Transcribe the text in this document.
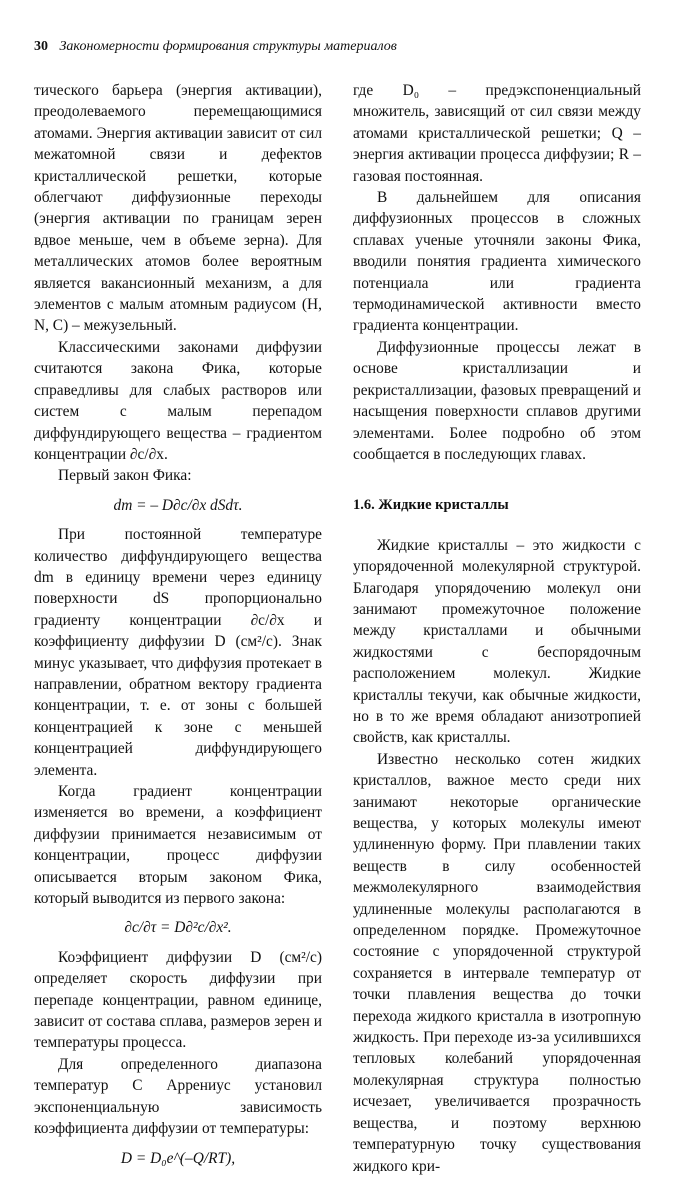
30 Закономерности формирования структуры материалов

тического барьера (энергия активации), преодолеваемого перемещающимися атомами. Энергия активации зависит от сил межатомной связи и дефектов кристаллической решетки, которые облегчают диффузионные переходы (энергия активации по границам зерен вдвое меньше, чем в объеме зерна). Для металлических атомов более вероятным является вакансионный механизм, а для элементов с малым атомным радиусом (H, N, C) – межузельный.

Классическими законами диффузии считаются закона Фика, которые справедливы для слабых растворов или систем с малым перепадом диффундирующего вещества – градиентом концентрации ∂c/∂x.

Первый закон Фика:

dm = – D∂c/∂x dSdτ.

При постоянной температуре количество диффундирующего вещества dm в единицу времени через единицу поверхности dS пропорционально градиенту концентрации ∂c/∂x и коэффициенту диффузии D (см²/с). Знак минус указывает, что диффузия протекает в направлении, обратном вектору градиента концентрации, т. е. от зоны с большей концентрацией к зоне с меньшей концентрацией диффундирующего элемента.

Когда градиент концентрации изменяется во времени, а коэффициент диффузии принимается независимым от концентрации, процесс диффузии описывается вторым законом Фика, который выводится из первого закона:

∂c/∂τ = D∂²c/∂x².

Коэффициент диффузии D (см²/с) определяет скорость диффузии при перепаде концентрации, равном единице, зависит от состава сплава, размеров зерен и температуры процесса.

Для определенного диапазона температур С Аррениус установил экспоненциальную зависимость коэффициента диффузии от температуры:

D = D₀e^(–Q/RT),

где D₀ – предэкспоненциальный множитель, зависящий от сил связи между атомами кристаллической решетки; Q – энергия активации процесса диффузии; R – газовая постоянная.

В дальнейшем для описания диффузионных процессов в сложных сплавах ученые уточняли законы Фика, вводили понятия градиента химического потенциала или градиента термодинамической активности вместо градиента концентрации.

Диффузионные процессы лежат в основе кристаллизации и рекристаллизации, фазовых превращений и насыщения поверхности сплавов другими элементами. Более подробно об этом сообщается в последующих главах.

1.6. Жидкие кристаллы

Жидкие кристаллы – это жидкости с упорядоченной молекулярной структурой. Благодаря упорядочению молекул они занимают промежуточное положение между кристаллами и обычными жидкостями с беспорядочным расположением молекул. Жидкие кристаллы текучи, как обычные жидкости, но в то же время обладают анизотропией свойств, как кристаллы.

Известно несколько сотен жидких кристаллов, важное место среди них занимают некоторые органические вещества, у которых молекулы имеют удлиненную форму. При плавлении таких веществ в силу особенностей межмолекулярного взаимодействия удлиненные молекулы располагаются в определенном порядке. Промежуточное состояние с упорядоченной структурой сохраняется в интервале температур от точки плавления вещества до точки перехода жидкого кристалла в изотропную жидкость. При переходе из-за усилившихся тепловых колебаний упорядоченная молекулярная структура полностью исчезает, увеличивается прозрачность вещества, и поэтому верхнюю температурную точку существования жидкого кри-
